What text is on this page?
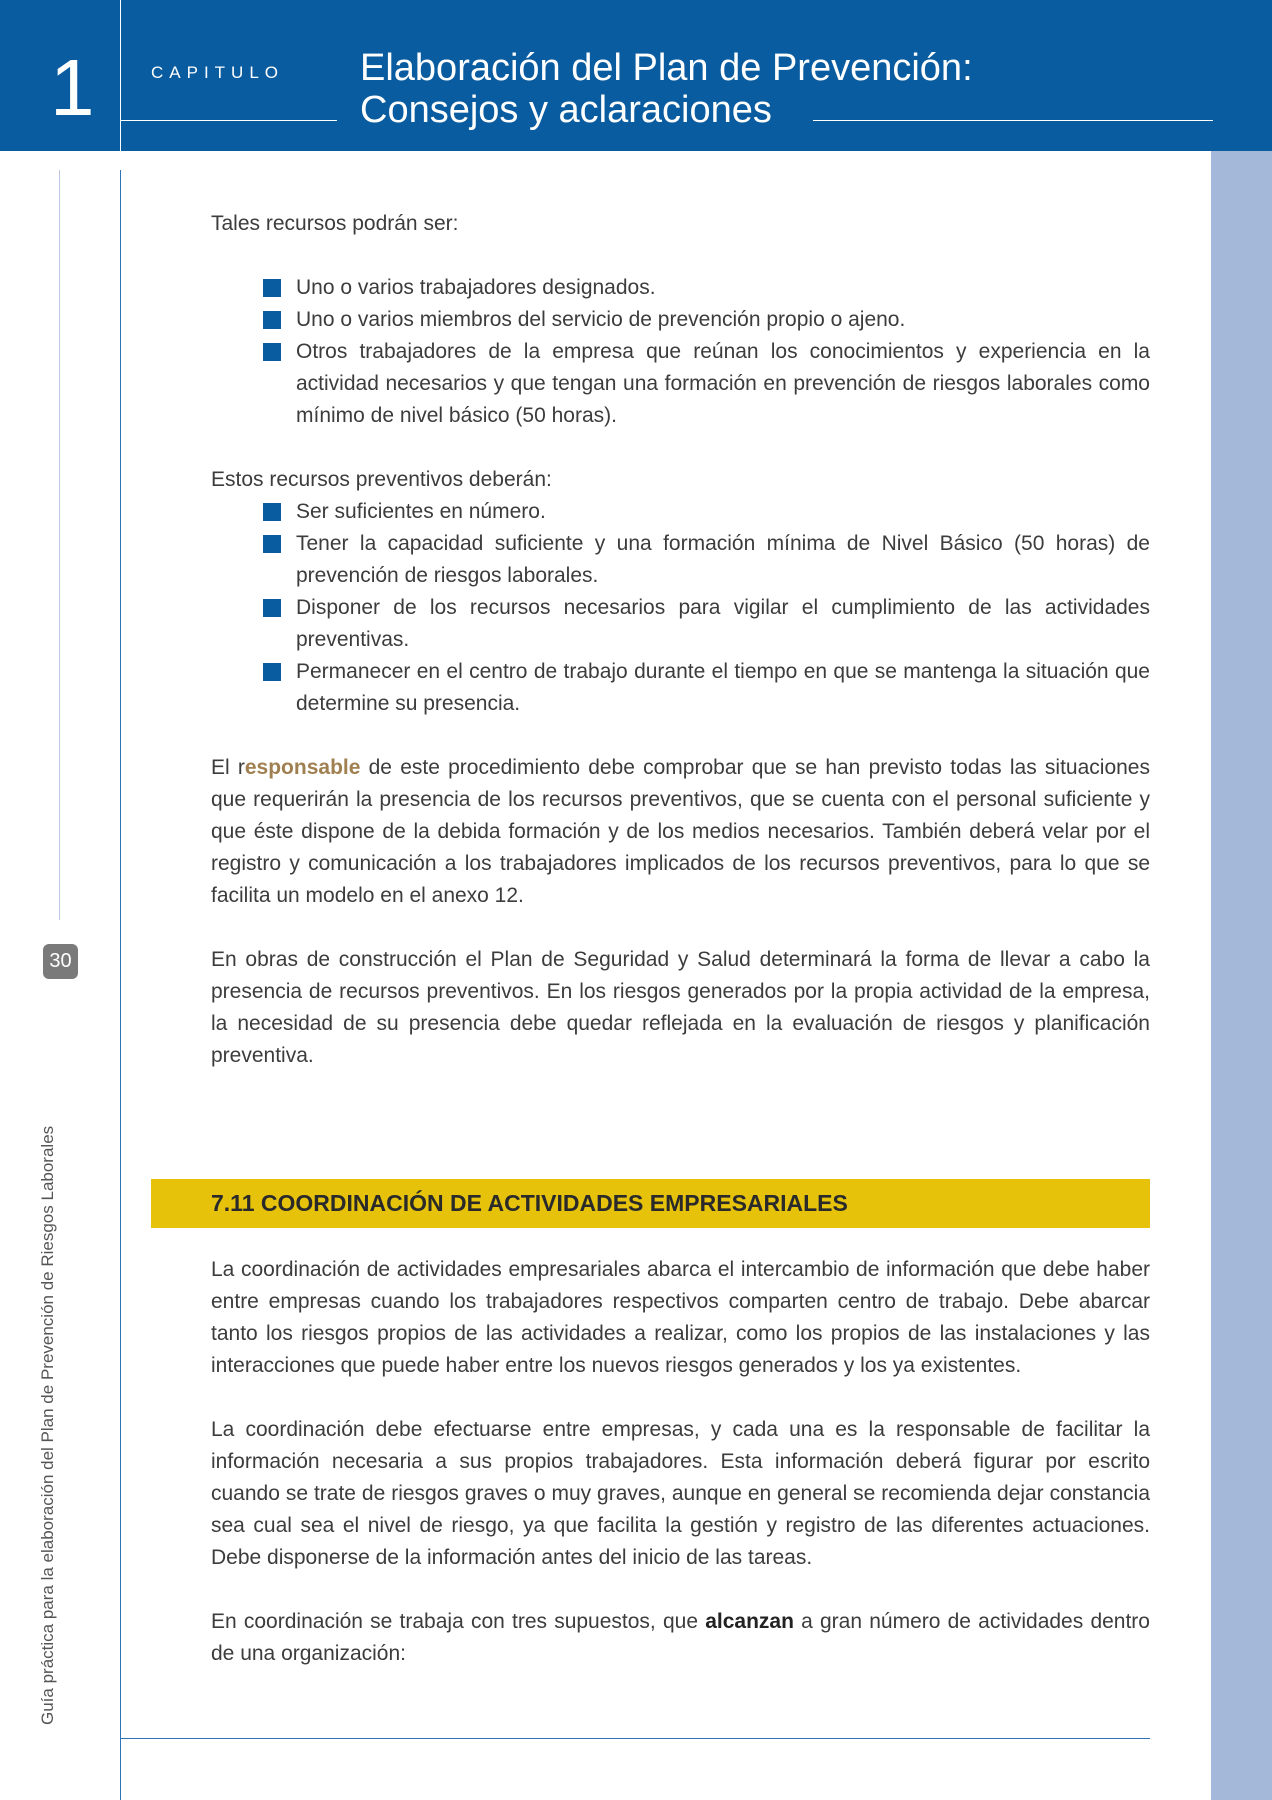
1	CAPITULO Elaboración del Plan de Prevención:
Consejos y aclaraciones
30
Guía práctica para la elaboración del Plan de Prevención de Riesgos Laborales

Tales recursos podrán ser:

Uno o varios trabajadores designados.
Uno o varios miembros del servicio de prevención propio o ajeno.
Otros trabajadores de la empresa que reúnan los conocimientos y experiencia en la actividad necesarios y que tengan una formación en prevención de riesgos laborales como mínimo de nivel básico (50 horas).

Estos recursos preventivos deberán:

Ser suficientes en número.
Tener la capacidad suficiente y una formación mínima de Nivel Básico (50 horas) de prevención de riesgos laborales.
Disponer de los recursos necesarios para vigilar el cumplimiento de las actividades preventivas.
Permanecer en el centro de trabajo durante el tiempo en que se mantenga la situación que determine su presencia.

El responsable de este procedimiento debe comprobar que se han previsto todas las situaciones que requerirán la presencia de los recursos preventivos, que se cuenta con el personal suficiente y que éste dispone de la debida formación y de los medios necesarios. También deberá velar por el registro y comunicación a los trabajadores implicados de los recursos preventivos, para lo que se facilita un modelo en el anexo 12.

En obras de construcción el Plan de Seguridad y Salud determinará la forma de llevar a cabo la presencia de recursos preventivos. En los riesgos generados por la propia actividad de la empresa, la necesidad de su presencia debe quedar reflejada en la evaluación de riesgos y planificación preventiva.

7.11 COORDINACIÓN DE ACTIVIDADES EMPRESARIALES

La coordinación de actividades empresariales abarca el intercambio de información que debe haber entre empresas cuando los trabajadores respectivos comparten centro de trabajo. Debe abarcar tanto los riesgos propios de las actividades a realizar, como los propios de las instalaciones y las interacciones que puede haber entre los nuevos riesgos generados y los ya existentes.

La coordinación debe efectuarse entre empresas, y cada una es la responsable de facilitar la información necesaria a sus propios trabajadores. Esta información deberá figurar por escrito cuando se trate de riesgos graves o muy graves, aunque en general se recomienda dejar constancia sea cual sea el nivel de riesgo, ya que facilita la gestión y registro de las diferentes actuaciones. Debe disponerse de la información antes del inicio de las tareas.

En coordinación se trabaja con tres supuestos, que alcanzan a gran número de actividades dentro de una organización:
